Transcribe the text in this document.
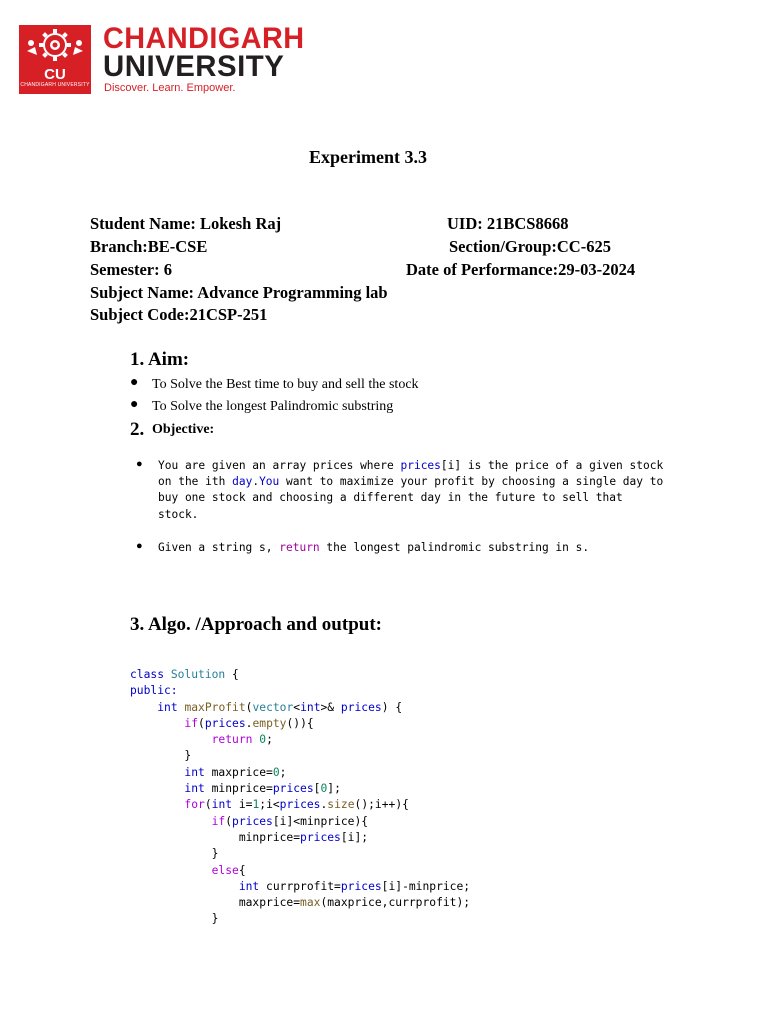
CU
CHANDIGARH UNIVERSITY
CHANDIGARH
UNIVERSITY
Discover. Learn. Empower.
Experiment 3.3
Student Name: Lokesh Raj	UID: 21BCS8668
Branch:BE-CSE	Section/Group:CC-625
Semester: 6	Date of Performance:29-03-2024
Subject Name: Advance Programming lab
Subject Code:21CSP-251
1. Aim:
● To Solve the Best time to buy and sell the stock
● To Solve the longest Palindromic substring
2. Objective:
● You are given an array prices where prices[i] is the price of a given stock
on the ith day.You want to maximize your profit by choosing a single day to
buy one stock and choosing a different day in the future to sell that
stock.
● Given a string s, return the longest palindromic substring in s.
3. Algo. /Approach and output:
class Solution {
public:
int maxProfit(vector<int>& prices) {
if(prices.empty()){
return 0;
}
int maxprice=0;
int minprice=prices[0];
for(int i=1;i<prices.size();i++){
if(prices[i]<minprice){
minprice=prices[i];
}
else{
int currprofit=prices[i]-minprice;
maxprice=max(maxprice,currprofit);
}
